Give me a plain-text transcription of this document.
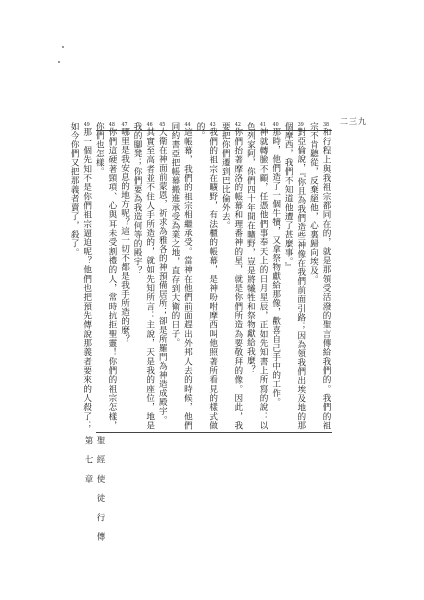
二三九
38和行程上與我祖宗都同在的，就是那領受活潑的聖言傳給我們的。我們的祖宗不肯聽從，反棄絕他，心裏歸向埃及。
39對亞倫說，『你且為我們造些神像在我們前面引路；因為領我們出埃及地的那個摩西，我們不知道他遭了甚麼事。』
40那時，他們造了一個牛犢，又拿祭物獻給那像，歡喜自己手中的工作。
41神就轉臉不顧，任憑他們事奉天上的日月星辰，正如先知書上所寫的說：以色列家阿，你們四十年間在曠野，豈是將犧牲和祭物獻給我麼？
42你們抬著摩洛的帳幕和理番神的星，就是你們所造為要敬拜的像。因此，我要把你們遷到巴比倫外去。
43我們的祖宗在曠野，有法櫃的帳幕，是神吩咐摩西叫他照著所看見的樣式做的。
44這帳幕，我們的祖宗相繼承受。當神在他們前面趕出外邦人去的時候，他們同約書亞把帳幕搬進承受為業之地，直存到大衛的日子。
45大衛在神面前蒙恩，祈求為雅各的神預備居所；卻是所羅門為神造成殿宇。
46其實至高者並不住人手所造的，就如先知所言：主說，天是我的座位，地是我的腳凳；你們要為我造何等的殿宇？
47哪里是我安息的地方呢？這一切不都是我手所造的麼？
48你們這硬著頸項、心與耳未受割禮的人，常時抗拒聖靈！你們的祖宗怎樣，你們也怎樣。
49那一個先知不是你們祖宗逼迫呢？他們也把預先傳說那義者要來的人殺了；如今你們又把那義者賣了，殺了。
聖 經 使 徒 行 傳 第 七 章
